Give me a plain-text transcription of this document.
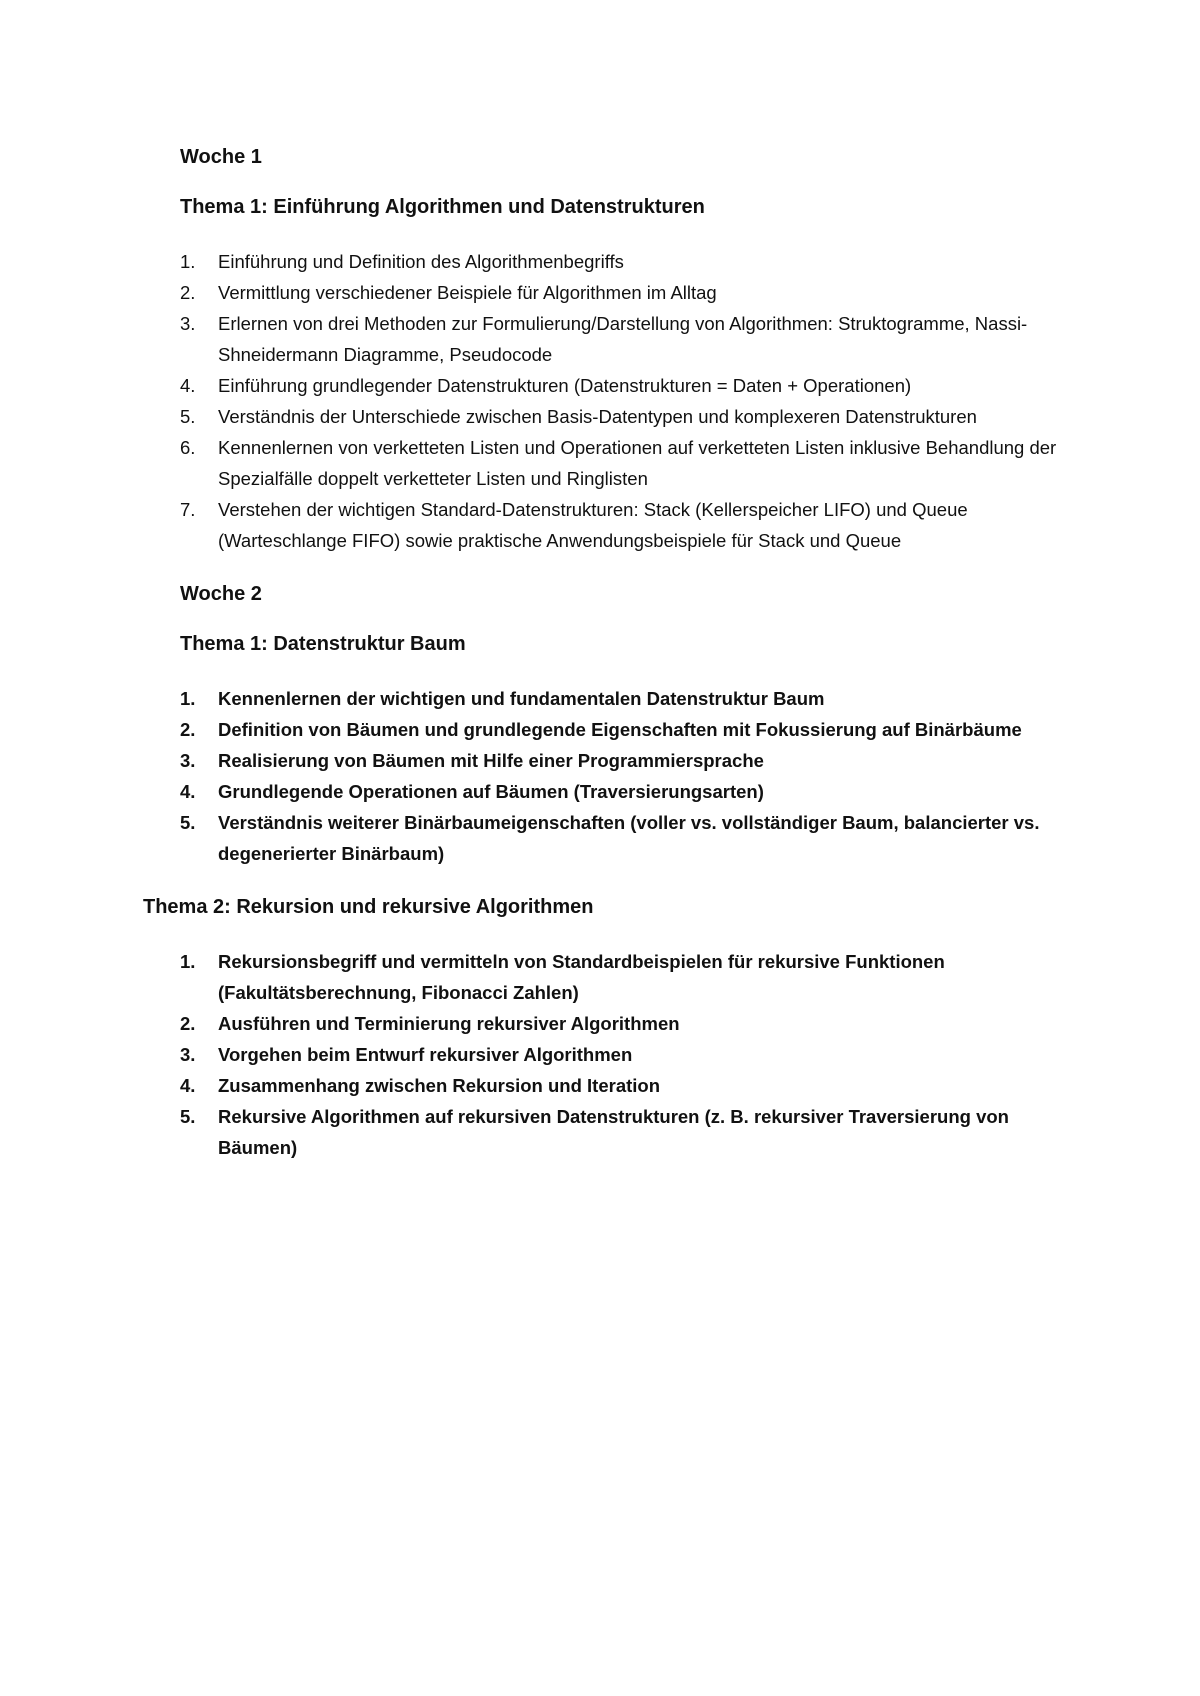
Woche 1
Thema 1: Einführung Algorithmen und Datenstrukturen
1. Einführung und Definition des Algorithmenbegriffs
2. Vermittlung verschiedener Beispiele für Algorithmen im Alltag
3. Erlernen von drei Methoden zur Formulierung/Darstellung von Algorithmen: Struktogramme, Nassi-Shneidermann Diagramme, Pseudocode
4. Einführung grundlegender Datenstrukturen (Datenstrukturen = Daten + Operationen)
5. Verständnis der Unterschiede zwischen Basis-Datentypen und komplexeren Datenstrukturen
6. Kennenlernen von verketteten Listen und Operationen auf verketteten Listen inklusive Behandlung der Spezialfälle doppelt verketteter Listen und Ringlisten
7. Verstehen der wichtigen Standard-Datenstrukturen: Stack (Kellerspeicher LIFO) und Queue (Warteschlange FIFO) sowie praktische Anwendungsbeispiele für Stack und Queue
Woche 2
Thema 1: Datenstruktur Baum
1. Kennenlernen der wichtigen und fundamentalen Datenstruktur Baum
2. Definition von Bäumen und grundlegende Eigenschaften mit Fokussierung auf Binärbäume
3. Realisierung von Bäumen mit Hilfe einer Programmiersprache
4. Grundlegende Operationen auf Bäumen (Traversierungsarten)
5. Verständnis weiterer Binärbaumeigenschaften (voller vs. vollständiger Baum, balancierter vs. degenerierter Binärbaum)
Thema 2: Rekursion und rekursive Algorithmen
1. Rekursionsbegriff und vermitteln von Standardbeispielen für rekursive Funktionen (Fakultätsberechnung, Fibonacci Zahlen)
2. Ausführen und Terminierung rekursiver Algorithmen
3. Vorgehen beim Entwurf rekursiver Algorithmen
4. Zusammenhang zwischen Rekursion und Iteration
5. Rekursive Algorithmen auf rekursiven Datenstrukturen (z. B. rekursiver Traversierung von Bäumen)
